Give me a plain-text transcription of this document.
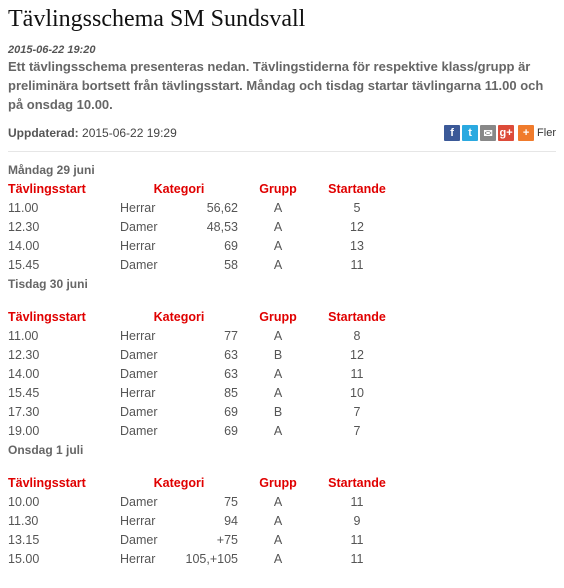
Tävlingsschema SM Sundsvall
2015-06-22 19:20
Ett tävlingsschema presenteras nedan. Tävlingstiderna för respektive klass/grupp är preliminära bortsett från tävlingsstart. Måndag och tisdag startar tävlingarna 11.00 och på onsdag 10.00.
Uppdaterad: 2015-06-22 19:29	f	t	✉ g+ + Fler
Måndag 29 juni
Tävlingsstart	Kategori		Grupp	Startande
11.00	Herrar	56,62	A	5
12.30	Damer	48,53	A	12
14.00	Herrar	69	A	13
15.45	Damer	58	A	11
Tisdag 30 juni
Tävlingsstart	Kategori		Grupp	Startande
11.00	Herrar	77	A	8
12.30	Damer	63	B	12
14.00	Damer	63	A	11
15.45	Herrar	85	A	10
17.30	Damer	69	B	7
19.00	Damer	69	A	7
Onsdag 1 juli
Tävlingsstart	Kategori		Grupp	Startande
10.00	Damer	75	A	11
11.30	Herrar	94	A	9
13.15	Damer	+75	A	11
15.00	Herrar	105,+105	A	11
